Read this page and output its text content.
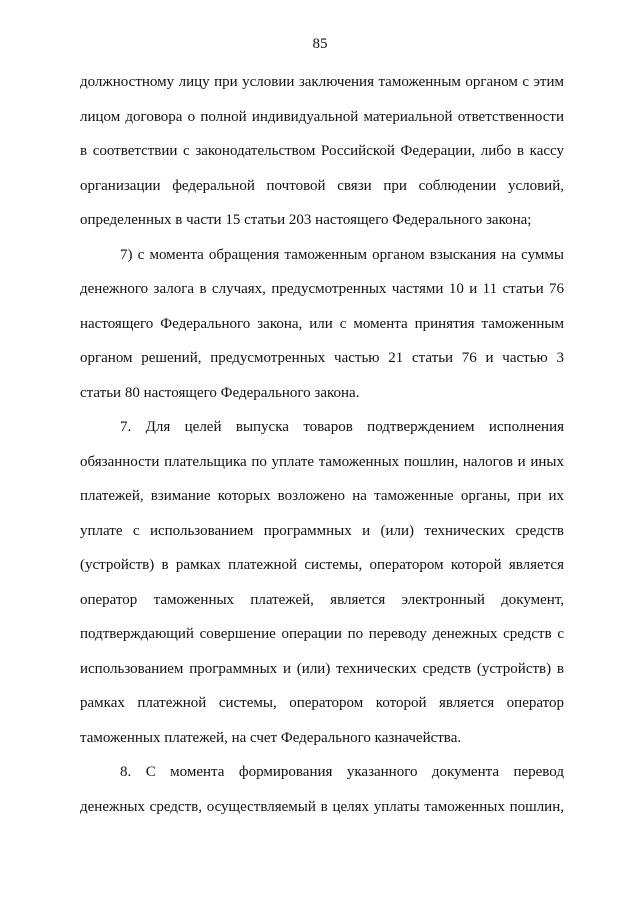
85

должностному лицу при условии заключения таможенным органом с этим
лицом договора о полной индивидуальной материальной ответственности
в соответствии с законодательством Российской Федерации, либо в кассу
организации федеральной почтовой связи при соблюдении условий,
определенных в части 15 статьи 203 настоящего Федерального закона;

7) с момента обращения таможенным органом взыскания на суммы
денежного залога в случаях, предусмотренных частями 10 и 11 статьи 76
настоящего Федерального закона, или с момента принятия таможенным
органом решений, предусмотренных частью 21 статьи 76 и частью 3
статьи 80 настоящего Федерального закона.

7. Для целей выпуска товаров подтверждением исполнения
обязанности плательщика по уплате таможенных пошлин, налогов и иных
платежей, взимание которых возложено на таможенные органы, при их
уплате с использованием программных и (или) технических средств
(устройств) в рамках платежной системы, оператором которой является
оператор таможенных платежей, является электронный документ,
подтверждающий совершение операции по переводу денежных средств с
использованием программных и (или) технических средств (устройств) в
рамках платежной системы, оператором которой является оператор
таможенных платежей, на счет Федерального казначейства.

8. С момента формирования указанного документа перевод
денежных средств, осуществляемый в целях уплаты таможенных пошлин,
